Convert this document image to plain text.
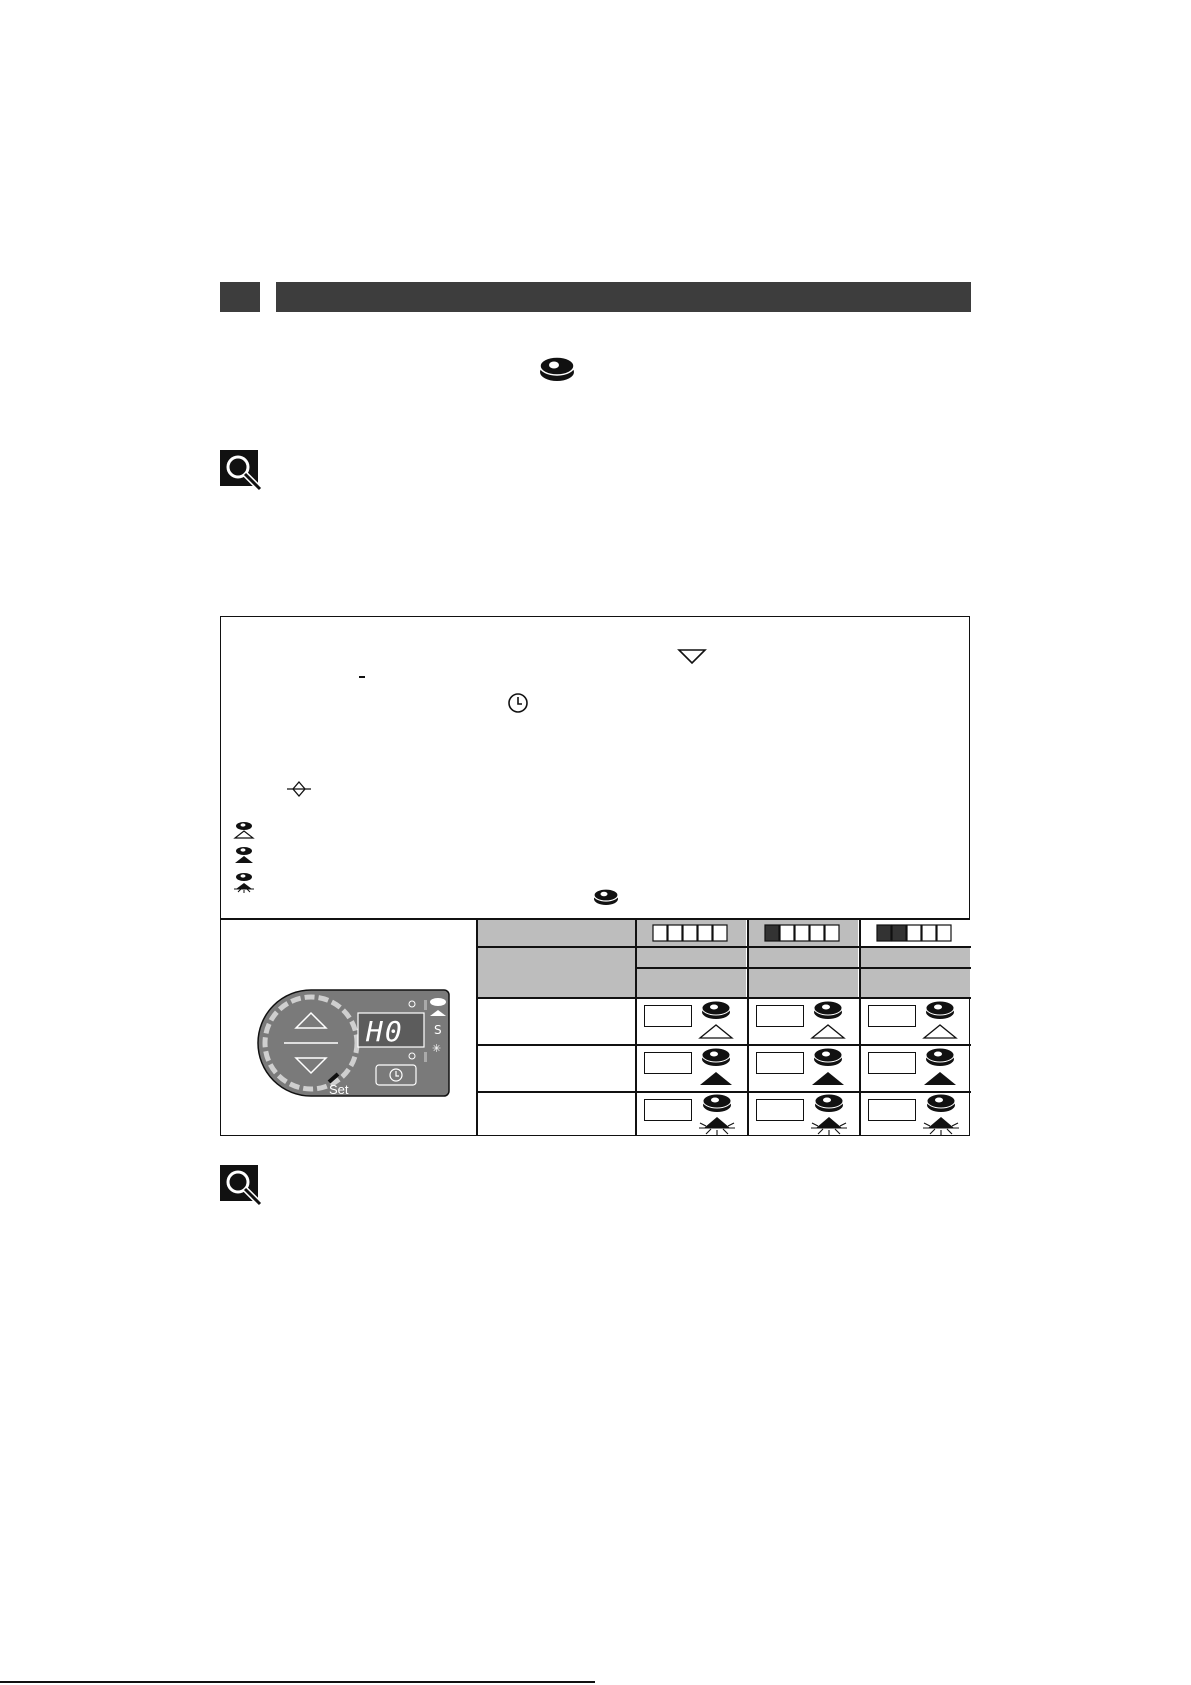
S
✳
H0
Set
